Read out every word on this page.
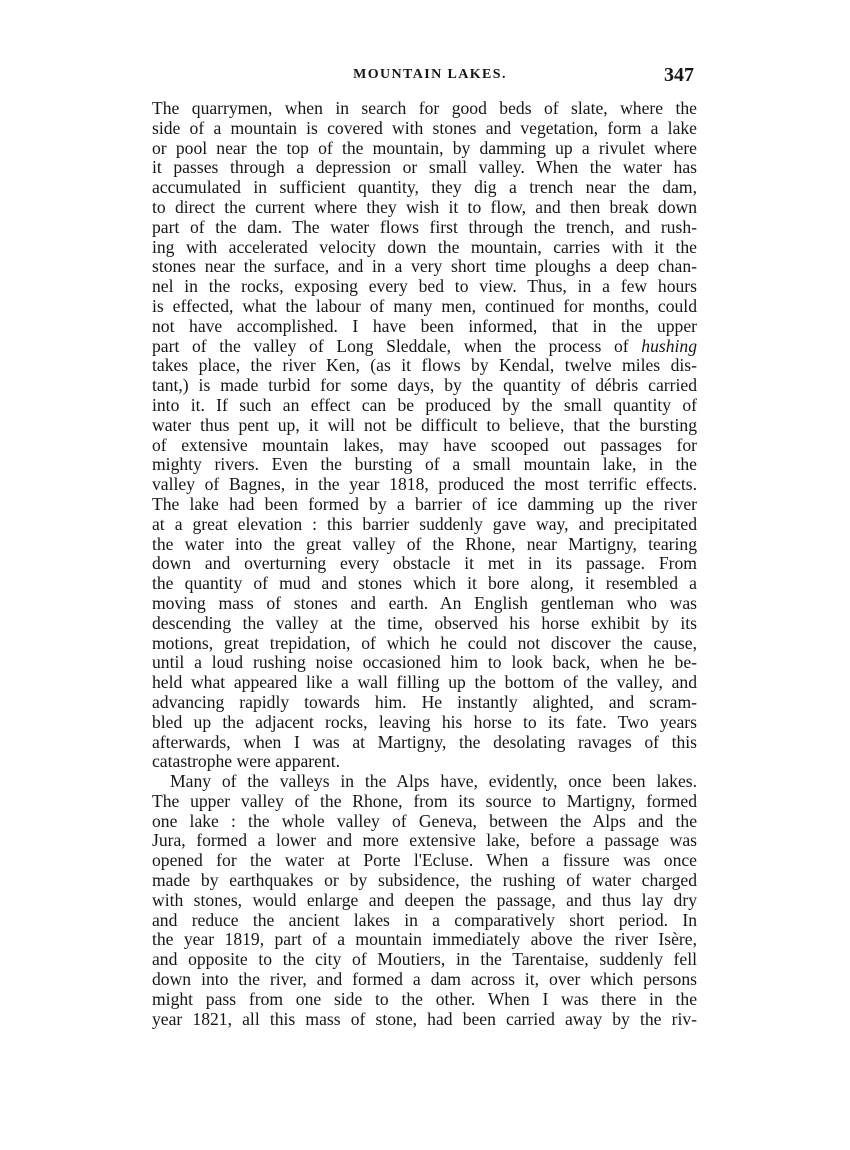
MOUNTAIN LAKES.	347
The quarrymen, when in search for good beds of slate, where the
side of a mountain is covered with stones and vegetation, form a lake
or pool near the top of the mountain, by damming up a rivulet where
it passes through a depression or small valley. When the water has
accumulated in sufficient quantity, they dig a trench near the dam,
to direct the current where they wish it to flow, and then break down
part of the dam. The water flows first through the trench, and rush-
ing with accelerated velocity down the mountain, carries with it the
stones near the surface, and in a very short time ploughs a deep chan-
nel in the rocks, exposing every bed to view. Thus, in a few hours
is effected, what the labour of many men, continued for months, could
not have accomplished. I have been informed, that in the upper
part of the valley of Long Sleddale, when the process of hushing
takes place, the river Ken, (as it flows by Kendal, twelve miles dis-
tant,) is made turbid for some days, by the quantity of débris carried
into it. If such an effect can be produced by the small quantity of
water thus pent up, it will not be difficult to believe, that the bursting
of extensive mountain lakes, may have scooped out passages for
mighty rivers. Even the bursting of a small mountain lake, in the
valley of Bagnes, in the year 1818, produced the most terrific effects.
The lake had been formed by a barrier of ice damming up the river
at a great elevation : this barrier suddenly gave way, and precipitated
the water into the great valley of the Rhone, near Martigny, tearing
down and overturning every obstacle it met in its passage. From
the quantity of mud and stones which it bore along, it resembled a
moving mass of stones and earth. An English gentleman who was
descending the valley at the time, observed his horse exhibit by its
motions, great trepidation, of which he could not discover the cause,
until a loud rushing noise occasioned him to look back, when he be-
held what appeared like a wall filling up the bottom of the valley, and
advancing rapidly towards him. He instantly alighted, and scram-
bled up the adjacent rocks, leaving his horse to its fate. Two years
afterwards, when I was at Martigny, the desolating ravages of this
catastrophe were apparent.
Many of the valleys in the Alps have, evidently, once been lakes.
The upper valley of the Rhone, from its source to Martigny, formed
one lake : the whole valley of Geneva, between the Alps and the
Jura, formed a lower and more extensive lake, before a passage was
opened for the water at Porte l'Ecluse. When a fissure was once
made by earthquakes or by subsidence, the rushing of water charged
with stones, would enlarge and deepen the passage, and thus lay dry
and reduce the ancient lakes in a comparatively short period. In
the year 1819, part of a mountain immediately above the river Isère,
and opposite to the city of Moutiers, in the Tarentaise, suddenly fell
down into the river, and formed a dam across it, over which persons
might pass from one side to the other. When I was there in the
year 1821, all this mass of stone, had been carried away by the riv-
